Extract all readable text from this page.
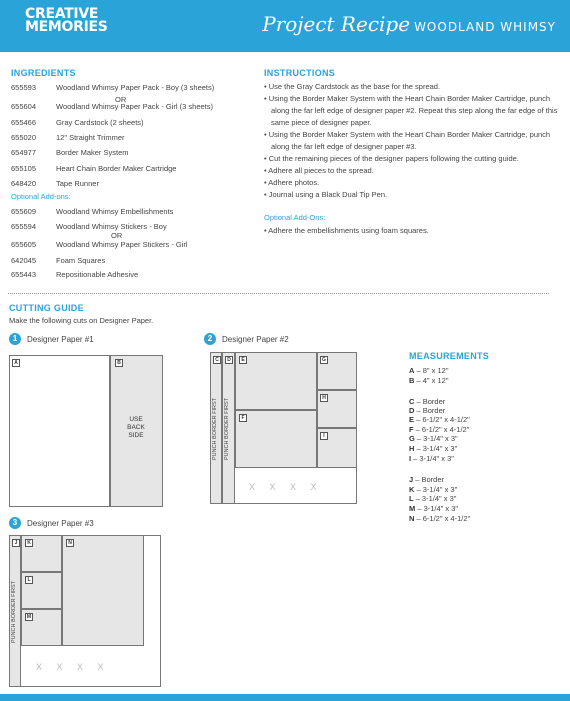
CREATIVE
MEMORIES	Project Recipe WOODLAND WHIMSY
INGREDIENTS
655593	Woodland Whimsy Paper Pack - Boy (3 sheets)
655604	Woodland Whimsy Paper Pack - Girl (3 sheets)
655466	Gray Cardstock (2 sheets)
655020	12" Straight Trimmer
654977	Border Maker System
655105	Heart Chain Border Maker Cartridge
648420	Tape Runner
OR
Optional Add-ons:
655609	Woodland Whimsy Embellishments
655594	Woodland Whimsy Stickers - Boy
655605	Woodland Whimsy Paper Stickers - Girl
642045	Foam Squares
655443	Repositionable Adhesive
OR
INSTRUCTIONS
• Use the Gray Cardstock as the base for the spread.
• Using the Border Maker System with the Heart Chain Border Maker Cartridge, punch along the far left edge of designer paper #2. Repeat this step along the far edge of this same piece of designer paper.
• Using the Border Maker System with the Heart Chain Border Maker Cartridge, punch along the far left edge of designer paper #3.
• Cut the remaining pieces of the designer papers following the cutting guide.
• Adhere all pieces to the spread.
• Adhere photos.
• Journal using a Black Dual Tip Pen.
Optional Add-Ons:
• Adhere the embellishments using foam squares.
CUTTING GUIDE
Make the following cuts on Designer Paper.
1	Designer Paper #1
A	B
USE BACK SIDE
2	Designer Paper #2
C
PUNCH BORDER FIRST
D
PUNCH BORDER FIRST
E
F
G
H
I
X X X X
3	Designer Paper #3
J
PUNCH BORDER FIRST
K
L
M
N
X X X X
MEASUREMENTS
A – 8" x 12"
B – 4" x 12"
C – Border
D – Border
E – 6-1/2" x 4-1/2"
F – 6-1/2" x 4-1/2"
G – 3-1/4" x 3"
H – 3-1/4" x 3"
I – 3-1/4" x 3"
J – Border
K – 3-1/4" x 3"
L – 3-1/4" x 3"
M – 3-1/4" x 3"
N – 6-1/2" x 4-1/2"
